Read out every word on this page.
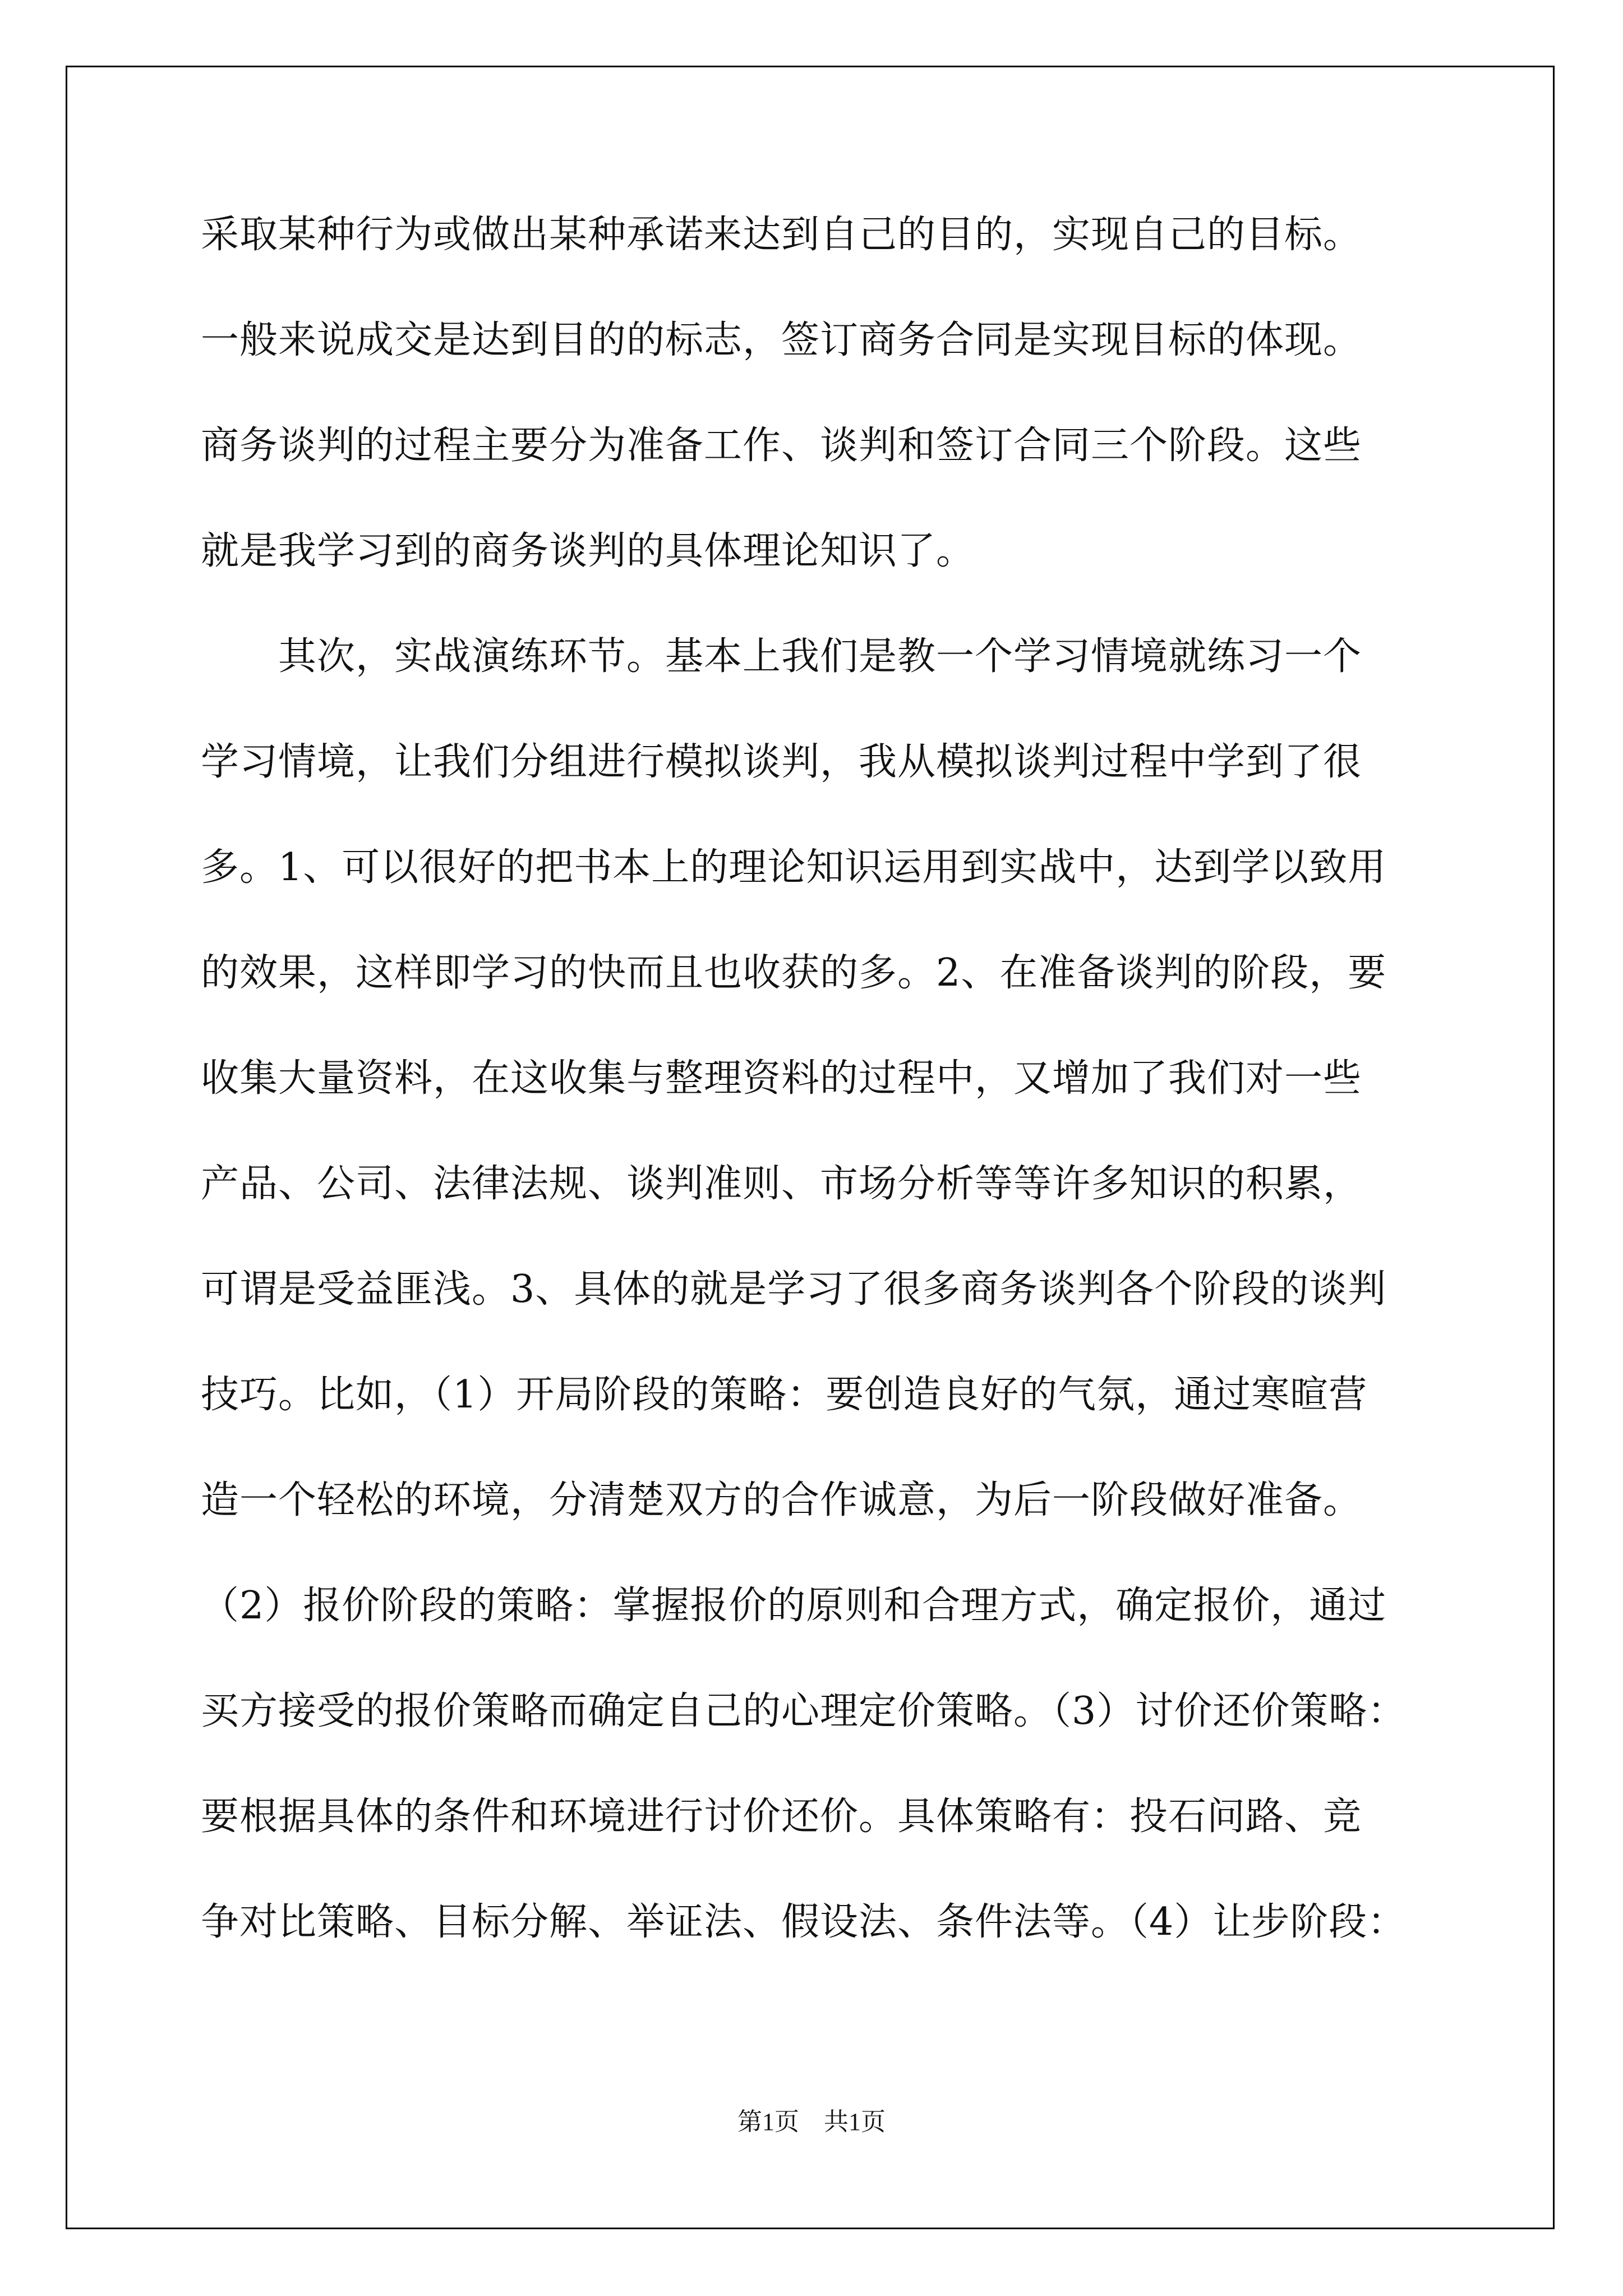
采取某种行为或做出某种承诺来达到自己的目的，实现自己的目标。
一般来说成交是达到目的的标志，签订商务合同是实现目标的体现。
商务谈判的过程主要分为准备工作、谈判和签订合同三个阶段。这些
就是我学习到的商务谈判的具体理论知识了。
　　其次，实战演练环节。基本上我们是教一个学习情境就练习一个
学习情境，让我们分组进行模拟谈判，我从模拟谈判过程中学到了很
多。1、可以很好的把书本上的理论知识运用到实战中，达到学以致用
的效果，这样即学习的快而且也收获的多。2、在准备谈判的阶段，要
收集大量资料，在这收集与整理资料的过程中，又增加了我们对一些
产品、公司、法律法规、谈判准则、市场分析等等许多知识的积累，
可谓是受益匪浅。3、具体的就是学习了很多商务谈判各个阶段的谈判
技巧。比如，（1）开局阶段的策略：要创造良好的气氛，通过寒暄营
造一个轻松的环境，分清楚双方的合作诚意，为后一阶段做好准备。
（2）报价阶段的策略：掌握报价的原则和合理方式，确定报价，通过
买方接受的报价策略而确定自己的心理定价策略。（3）讨价还价策略：
要根据具体的条件和环境进行讨价还价。具体策略有：投石问路、竞
争对比策略、目标分解、举证法、假设法、条件法等。（4）让步阶段：
第1页　共1页
